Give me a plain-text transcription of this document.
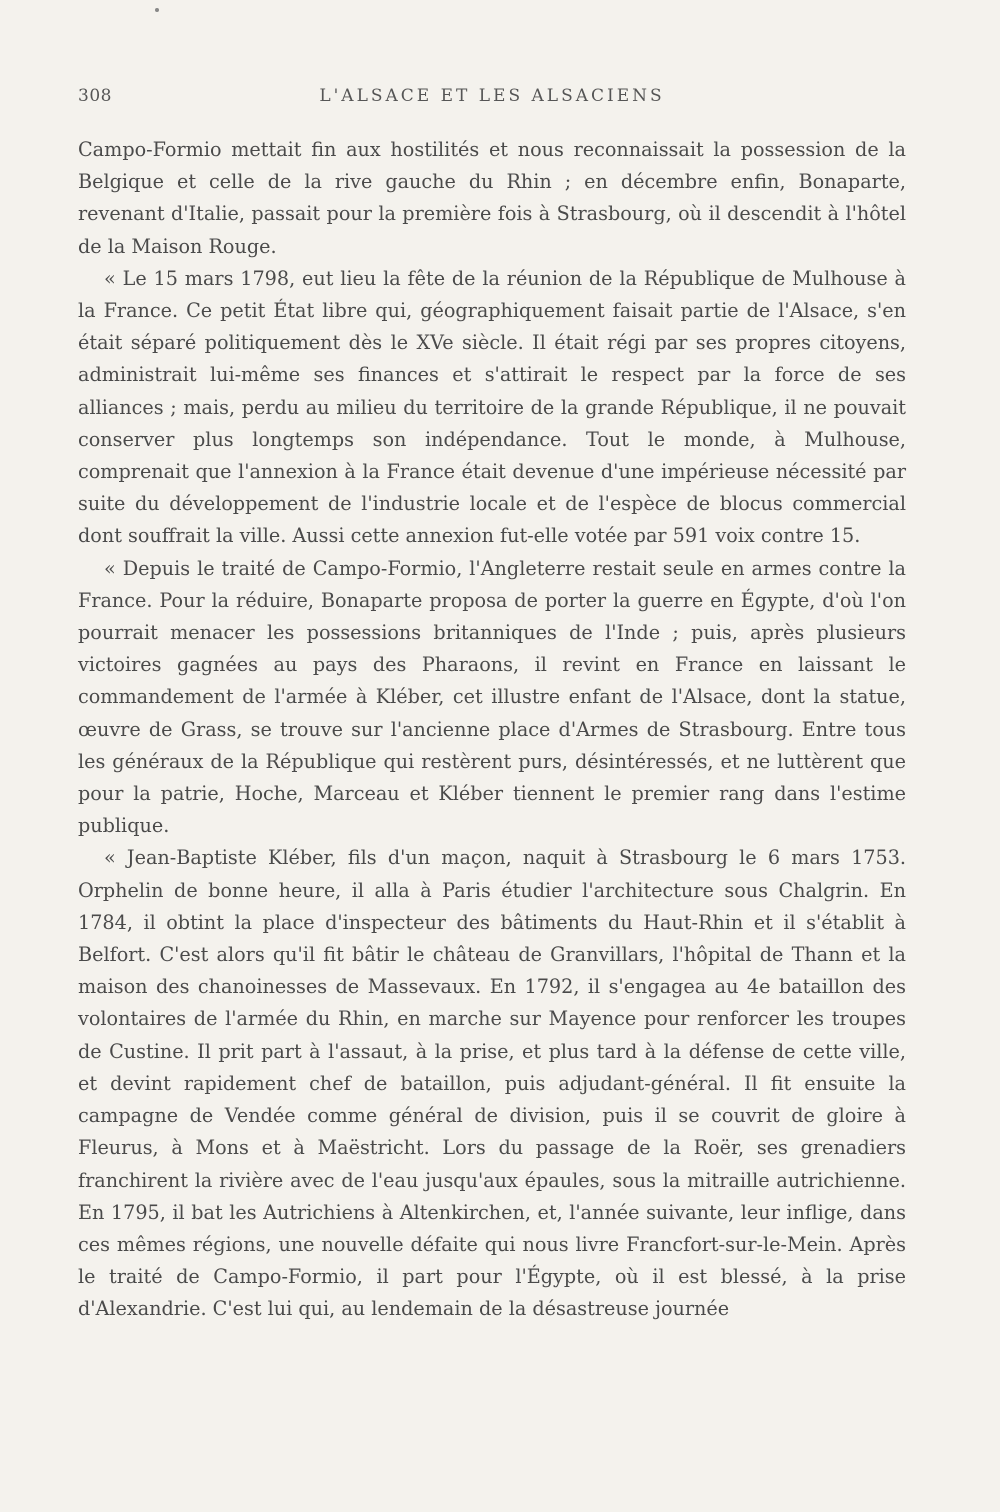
308	L'ALSACE ET LES ALSACIENS

Campo-Formio mettait fin aux hostilités et nous reconnaissait la possession de la Belgique et celle de la rive gauche du Rhin ; en décembre enfin, Bonaparte, revenant d'Italie, passait pour la première fois à Strasbourg, où il descendit à l'hôtel de la Maison Rouge.

« Le 15 mars 1798, eut lieu la fête de la réunion de la République de Mulhouse à la France. Ce petit État libre qui, géographiquement faisait partie de l'Alsace, s'en était séparé politiquement dès le XVe siècle. Il était régi par ses propres citoyens, administrait lui-même ses finances et s'attirait le respect par la force de ses alliances ; mais, perdu au milieu du territoire de la grande République, il ne pouvait conserver plus longtemps son indépendance. Tout le monde, à Mulhouse, comprenait que l'annexion à la France était devenue d'une impérieuse nécessité par suite du développement de l'industrie locale et de l'espèce de blocus commercial dont souffrait la ville. Aussi cette annexion fut-elle votée par 591 voix contre 15.

« Depuis le traité de Campo-Formio, l'Angleterre restait seule en armes contre la France. Pour la réduire, Bonaparte proposa de porter la guerre en Égypte, d'où l'on pourrait menacer les possessions britanniques de l'Inde ; puis, après plusieurs victoires gagnées au pays des Pharaons, il revint en France en laissant le commandement de l'armée à Kléber, cet illustre enfant de l'Alsace, dont la statue, œuvre de Grass, se trouve sur l'ancienne place d'Armes de Strasbourg. Entre tous les généraux de la République qui restèrent purs, désintéressés, et ne luttèrent que pour la patrie, Hoche, Marceau et Kléber tiennent le premier rang dans l'estime publique.

« Jean-Baptiste Kléber, fils d'un maçon, naquit à Strasbourg le 6 mars 1753. Orphelin de bonne heure, il alla à Paris étudier l'architecture sous Chalgrin. En 1784, il obtint la place d'inspecteur des bâtiments du Haut-Rhin et il s'établit à Belfort. C'est alors qu'il fit bâtir le château de Granvillars, l'hôpital de Thann et la maison des chanoinesses de Massevaux. En 1792, il s'engagea au 4e bataillon des volontaires de l'armée du Rhin, en marche sur Mayence pour renforcer les troupes de Custine. Il prit part à l'assaut, à la prise, et plus tard à la défense de cette ville, et devint rapidement chef de bataillon, puis adjudant-général. Il fit ensuite la campagne de Vendée comme général de division, puis il se couvrit de gloire à Fleurus, à Mons et à Maëstricht. Lors du passage de la Roër, ses grenadiers franchirent la rivière avec de l'eau jusqu'aux épaules, sous la mitraille autrichienne. En 1795, il bat les Autrichiens à Altenkirchen, et, l'année suivante, leur inflige, dans ces mêmes régions, une nouvelle défaite qui nous livre Francfort-sur-le-Mein. Après le traité de Campo-Formio, il part pour l'Égypte, où il est blessé, à la prise d'Alexandrie. C'est lui qui, au lendemain de la désastreuse journée
